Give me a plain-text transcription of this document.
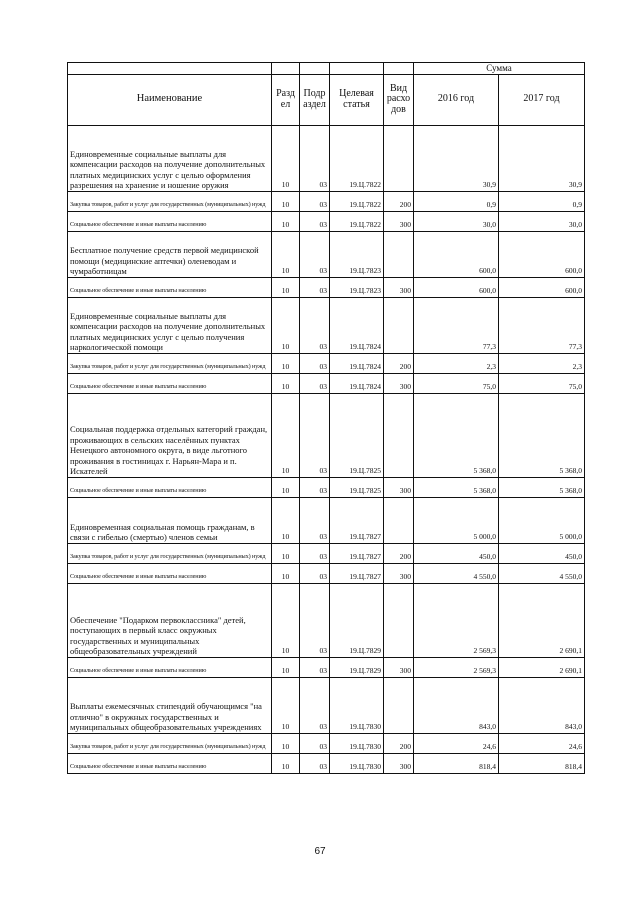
					Сумма	
Наименование	Разд ел	Подр аздел	Целевая статья	Вид расхо дов	2016 год	2017 год
Единовременные социальные выплаты для компенсации расходов на получение дополнительных платных медицинских услуг с целью оформления разрешения на хранение и ношение оружия	10	03	19.Ц.7822		30,9	30,9
Закупка товаров, работ и услуг для государственных (муниципальных) нужд	10	03	19.Ц.7822	200	0,9	0,9
Социальное обеспечение и иные выплаты населению	10	03	19.Ц.7822	300	30,0	30,0
Бесплатное получение средств первой медицинской помощи (медицинские аптечки) оленеводам и чумработницам	10	03	19.Ц.7823		600,0	600,0
Социальное обеспечение и иные выплаты населению	10	03	19.Ц.7823	300	600,0	600,0
Единовременные социальные выплаты для компенсации расходов на получение дополнительных платных медицинских услуг с целью получения наркологической помощи	10	03	19.Ц.7824		77,3	77,3
Закупка товаров, работ и услуг для государственных (муниципальных) нужд	10	03	19.Ц.7824	200	2,3	2,3
Социальное обеспечение и иные выплаты населению	10	03	19.Ц.7824	300	75,0	75,0
Социальная поддержка отдельных категорий граждан, проживающих в сельских населённых пунктах Ненецкого автономного округа, в виде льготного проживания в гостиницах г. Нарьян-Мара и п. Искателей	10	03	19.Ц.7825		5 368,0	5 368,0
Социальное обеспечение и иные выплаты населению	10	03	19.Ц.7825	300	5 368,0	5 368,0
Единовременная социальная помощь гражданам, в связи с гибелью (смертью) членов семьи	10	03	19.Ц.7827		5 000,0	5 000,0
Закупка товаров, работ и услуг для государственных (муниципальных) нужд	10	03	19.Ц.7827	200	450,0	450,0
Социальное обеспечение и иные выплаты населению	10	03	19.Ц.7827	300	4 550,0	4 550,0
Обеспечение "Подарком первоклассника" детей, поступающих в первый класс окружных государственных и муниципальных общеобразовательных учреждений	10	03	19.Ц.7829		2 569,3	2 690,1
Социальное обеспечение и иные выплаты населению	10	03	19.Ц.7829	300	2 569,3	2 690,1
Выплаты ежемесячных стипендий обучающимся "на отлично" в окружных государственных и муниципальных общеобразовательных учреждениях	10	03	19.Ц.7830		843,0	843,0
Закупка товаров, работ и услуг для государственных (муниципальных) нужд	10	03	19.Ц.7830	200	24,6	24,6
Социальное обеспечение и иные выплаты населению	10	03	19.Ц.7830	300	818,4	818,4
67
